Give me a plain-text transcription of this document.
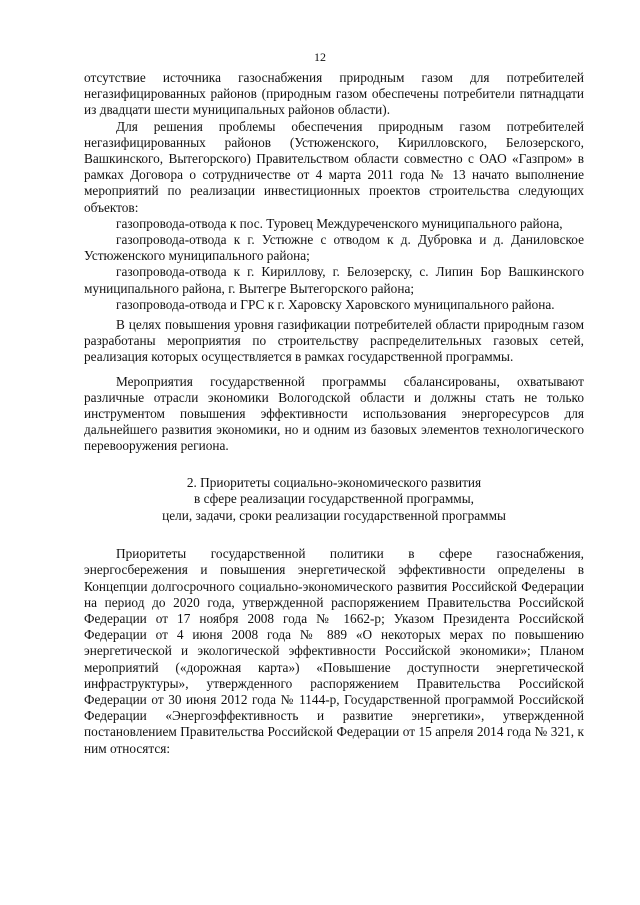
12

отсутствие источника газоснабжения природным газом для потребителей негазифицированных районов (природным газом обеспечены потребители пятнадцати из двадцати шести муниципальных районов области).

Для решения проблемы обеспечения природным газом потребителей негазифицированных районов (Устюженского, Кирилловского, Белозерского, Вашкинского, Вытегорского) Правительством области совместно с ОАО «Газпром» в рамках Договора о сотрудничестве от 4 марта 2011 года № 13 начато выполнение мероприятий по реализации инвестиционных проектов строительства следующих объектов:

газопровода-отвода к пос. Туровец Междуреченского муниципального района,

газопровода-отвода к г. Устюжне с отводом к д. Дубровка и д. Даниловское Устюженского муниципального района;

газопровода-отвода к г. Кириллову, г. Белозерску, с. Липин Бор Вашкинского муниципального района, г. Вытегре Вытегорского района;

газопровода-отвода и ГРС к г. Харовску Харовского муниципального района.

В целях повышения уровня газификации потребителей области природным газом разработаны мероприятия по строительству распределительных газовых сетей, реализация которых осуществляется в рамках государственной программы.

Мероприятия государственной программы сбалансированы, охватывают различные отрасли экономики Вологодской области и должны стать не только инструментом повышения эффективности использования энергоресурсов для дальнейшего развития экономики, но и одним из базовых элементов технологического перевооружения региона.

2. Приоритеты социально-экономического развития
в сфере реализации государственной программы,
цели, задачи, сроки реализации государственной программы

Приоритеты государственной политики в сфере газоснабжения, энергосбережения и повышения энергетической эффективности определены в Концепции долгосрочного социально-экономического развития Российской Федерации на период до 2020 года, утвержденной распоряжением Правительства Российской Федерации от 17 ноября 2008 года № 1662-р; Указом Президента Российской Федерации от 4 июня 2008 года № 889 «О некоторых мерах по повышению энергетической и экологической эффективности Российской экономики»; Планом мероприятий («дорожная карта») «Повышение доступности энергетической инфраструктуры», утвержденного распоряжением Правительства Российской Федерации от 30 июня 2012 года № 1144-р, Государственной программой Российской Федерации «Энергоэффективность и развитие энергетики», утвержденной постановлением Правительства Российской Федерации от 15 апреля 2014 года № 321, к ним относятся:
